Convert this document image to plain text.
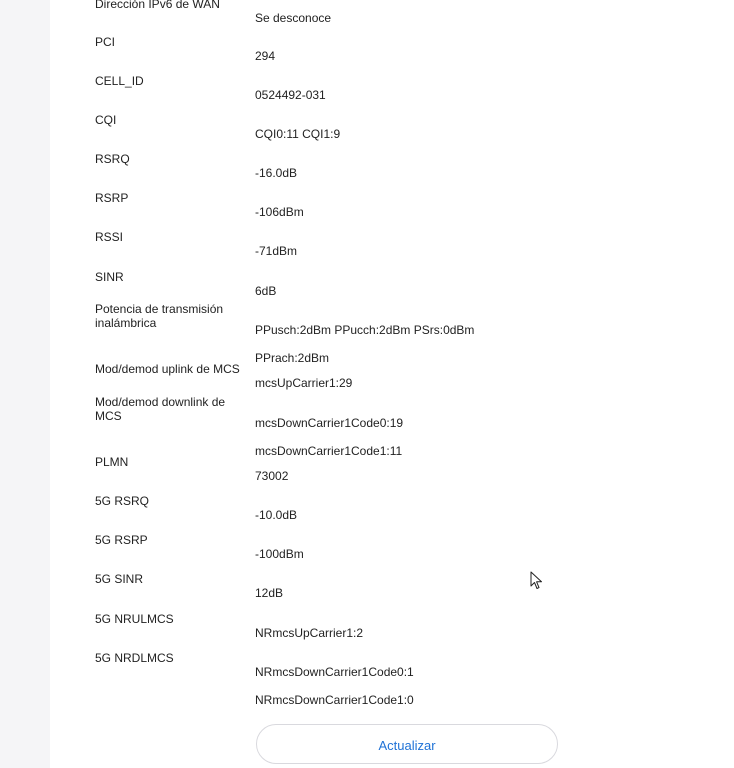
Dirección IPv6 de WAN

Se desconoce

PCI

294

CELL_ID

0524492-031

CQI

CQI0:11 CQI1:9

RSRQ

-16.0dB

RSRP

-106dBm

RSSI

-71dBm

SINR

6dB

Potencia de transmisión inalámbrica	PPusch:2dBm PPucch:2dBm PSrs:0dBm

PPrach:2dBm

Mod/demod uplink de MCS

mcsUpCarrier1:29

Mod/demod downlink de MCS	mcsDownCarrier1Code0:19

mcsDownCarrier1Code1:11

PLMN

73002

5G RSRQ

-10.0dB

5G RSRP

-100dBm

5G SINR

12dB

5G NRULMCS

NRmcsUpCarrier1:2

5G NRDLMCS

NRmcsDownCarrier1Code0:1

NRmcsDownCarrier1Code1:0

Actualizar
